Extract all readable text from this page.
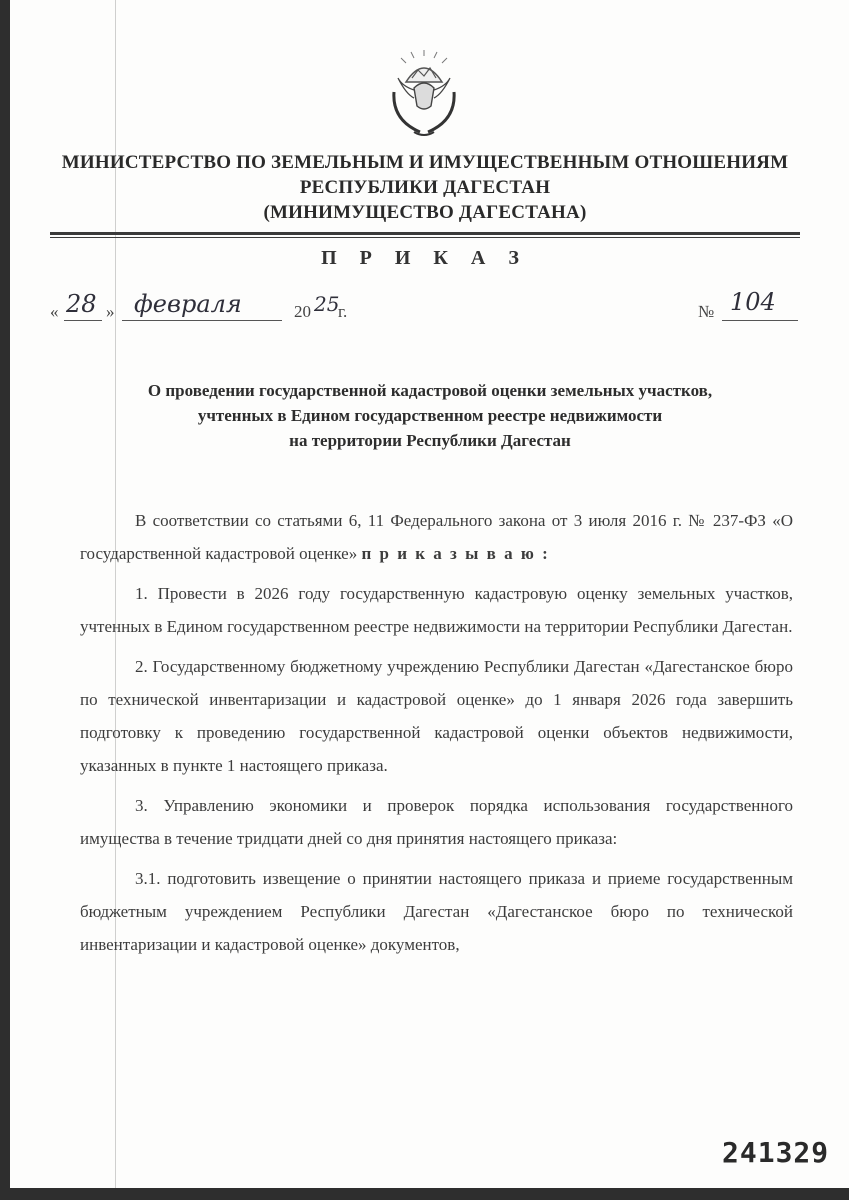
МИНИСТЕРСТВО ПО ЗЕМЕЛЬНЫМ И ИМУЩЕСТВЕННЫМ ОТНОШЕНИЯМ
РЕСПУБЛИКИ ДАГЕСТАН
(МИНИМУЩЕСТВО ДАГЕСТАНА)
П Р И К А З
« 28 » февраля	20 25
г.	№ 104
О проведении государственной кадастровой оценки земельных участков,
учтенных в Едином государственном реестре недвижимости
на территории Республики Дагестан

В соответствии со статьями 6, 11 Федерального закона от 3 июля 2016 г. № 237-ФЗ «О государственной кадастровой оценке» п р и к а з ы в а ю :

1. Провести в 2026 году государственную кадастровую оценку земельных участков, учтенных в Едином государственном реестре недвижимости на территории Республики Дагестан.

2. Государственному бюджетному учреждению Республики Дагестан «Дагестанское бюро по технической инвентаризации и кадастровой оценке» до 1 января 2026 года завершить подготовку к проведению государственной кадастровой оценки объектов недвижимости, указанных в пункте 1 настоящего приказа.

3. Управлению экономики и проверок порядка использования государственного имущества в течение тридцати дней со дня принятия настоящего приказа:

3.1. подготовить извещение о принятии настоящего приказа и приеме государственным бюджетным учреждением Республики Дагестан «Дагестанское бюро по технической инвентаризации и кадастровой оценке» документов,

241329
